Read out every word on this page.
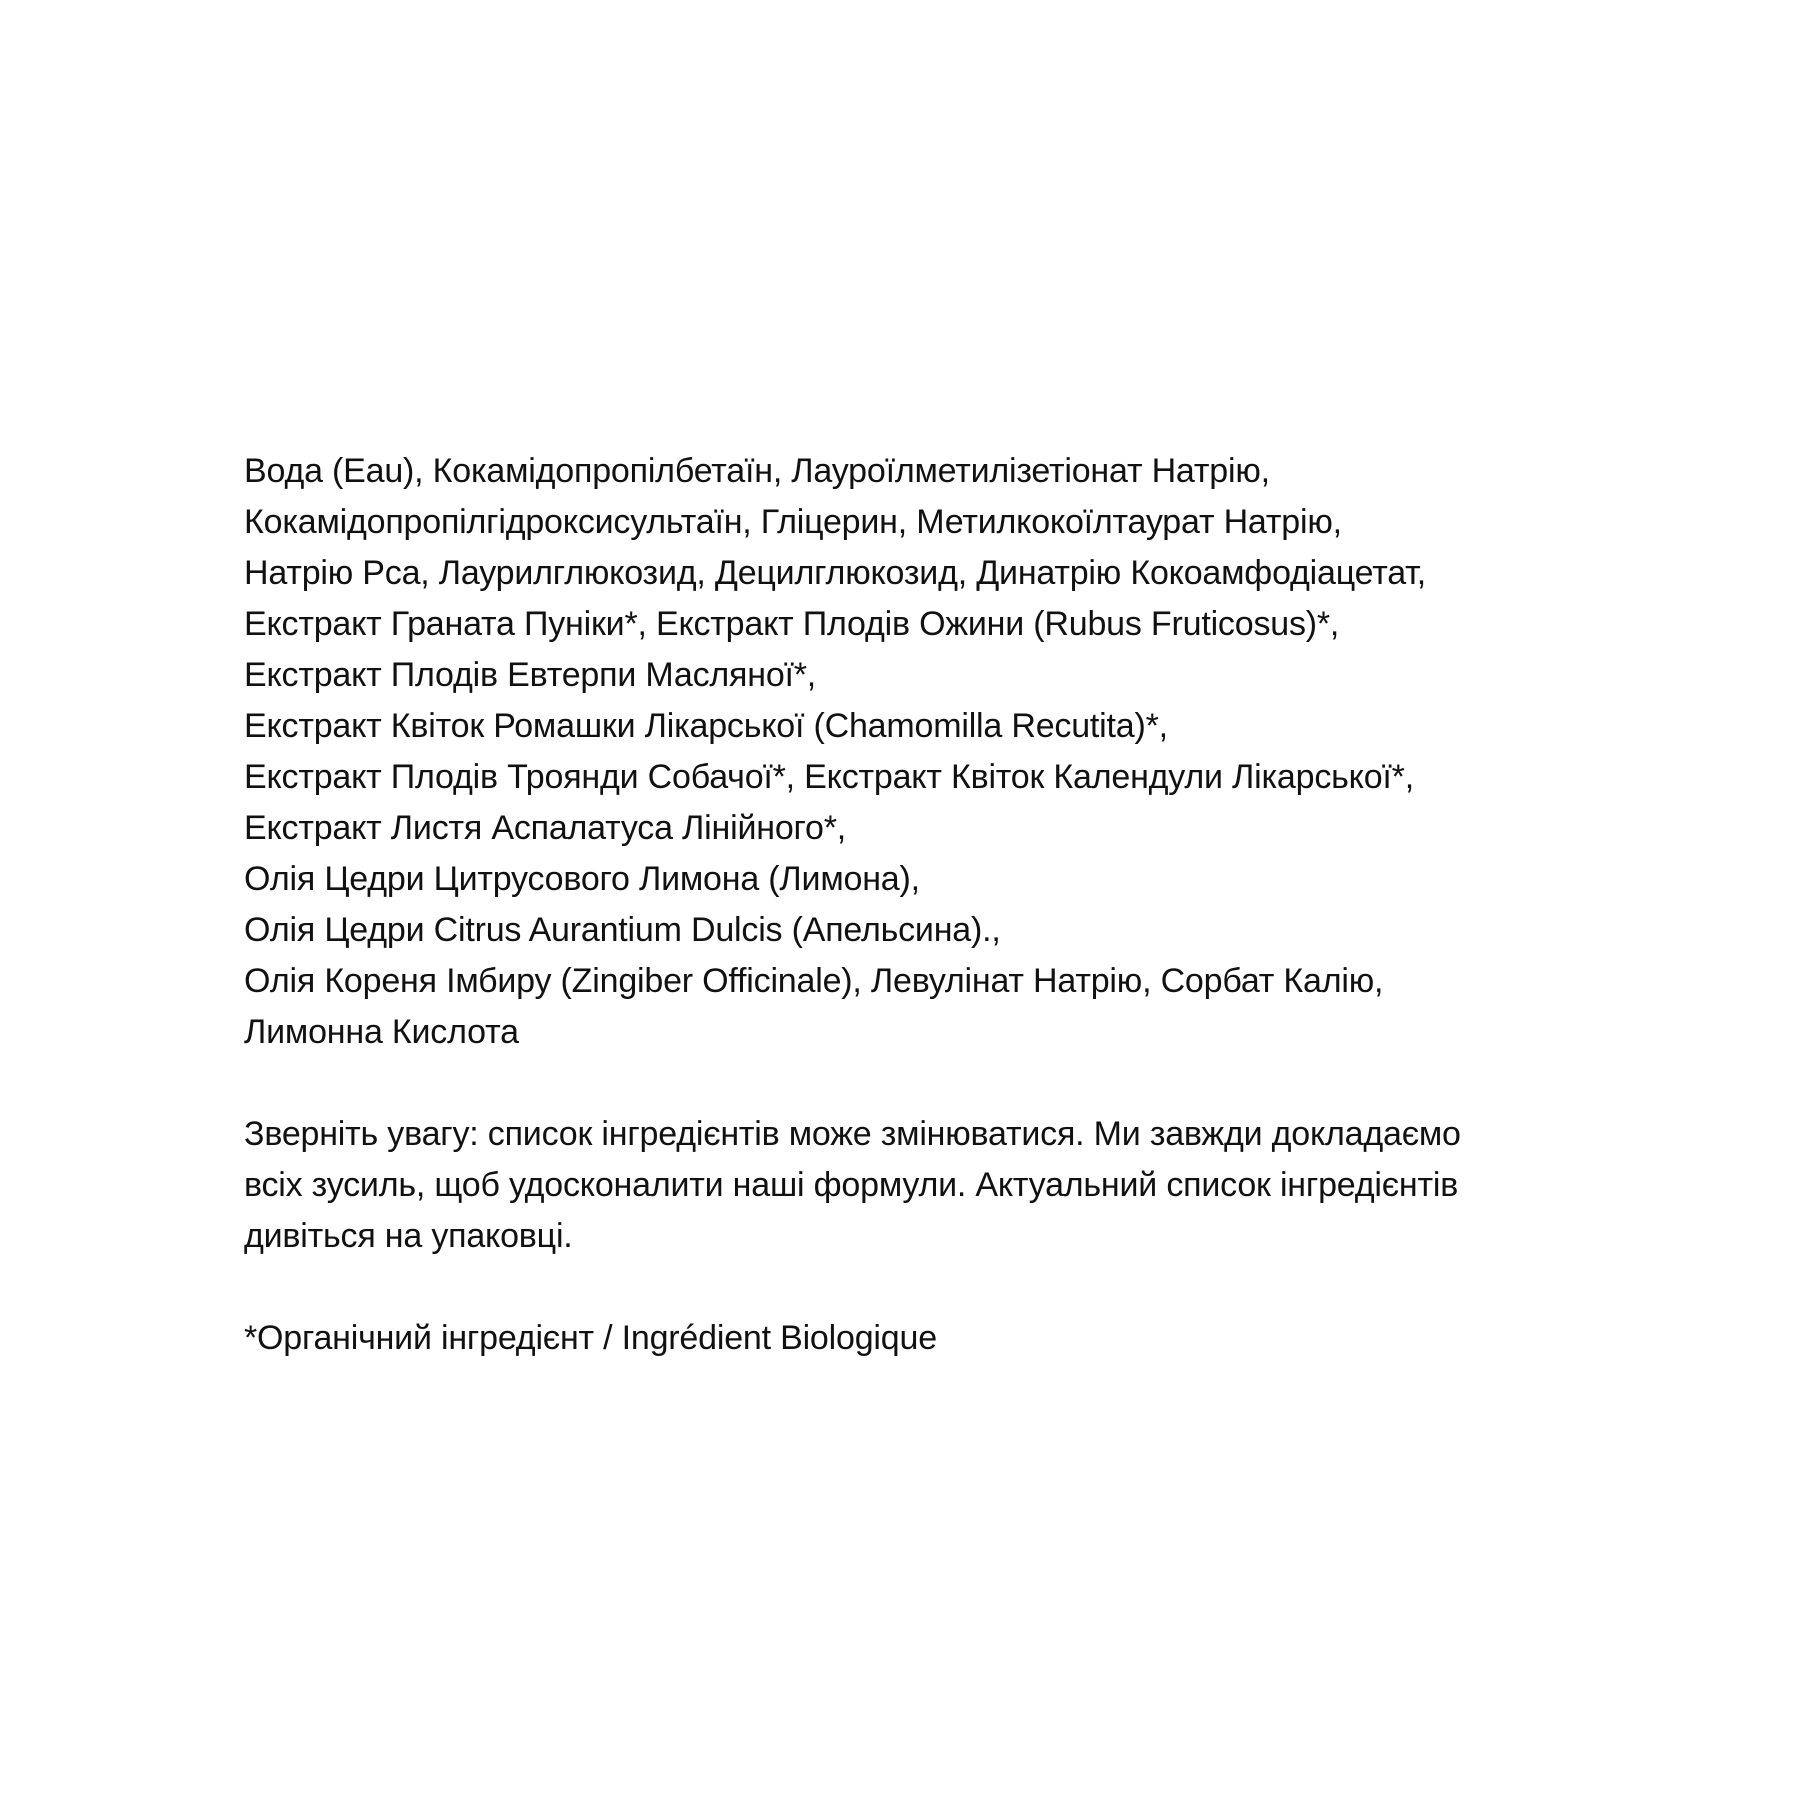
Вода (Eau), Кокамідопропілбетаїн, Лауроїлметилізетіонат Натрію,
Кокамідопропілгідроксисультаїн, Гліцерин, Метилкокоїлтаурат Натрію,
Натрію Pca, Лаурилглюкозид, Децилглюкозид, Динатрію Кокоамфодіацетат,
Екстракт Граната Пуніки*, Екстракт Плодів Ожини (Rubus Fruticosus)*,
Екстракт Плодів Евтерпи Масляної*,
Екстракт Квіток Ромашки Лікарської (Chamomilla Recutita)*,
Екстракт Плодів Троянди Собачої*, Екстракт Квіток Календули Лікарської*,
Екстракт Листя Аспалатуса Лінійного*,
Олія Цедри Цитрусового Лимона (Лимона),
Олія Цедри Citrus Aurantium Dulcis (Апельсина).,
Олія Кореня Імбиру (Zingiber Officinale), Левулінат Натрію, Сорбат Калію,
Лимонна Кислота
Зверніть увагу: список інгредієнтів може змінюватися. Ми завжди докладаємо
всіх зусиль, щоб удосконалити наші формули. Актуальний список інгредієнтів
дивіться на упаковці.
*Органічний інгредієнт / Ingrédient Biologique
